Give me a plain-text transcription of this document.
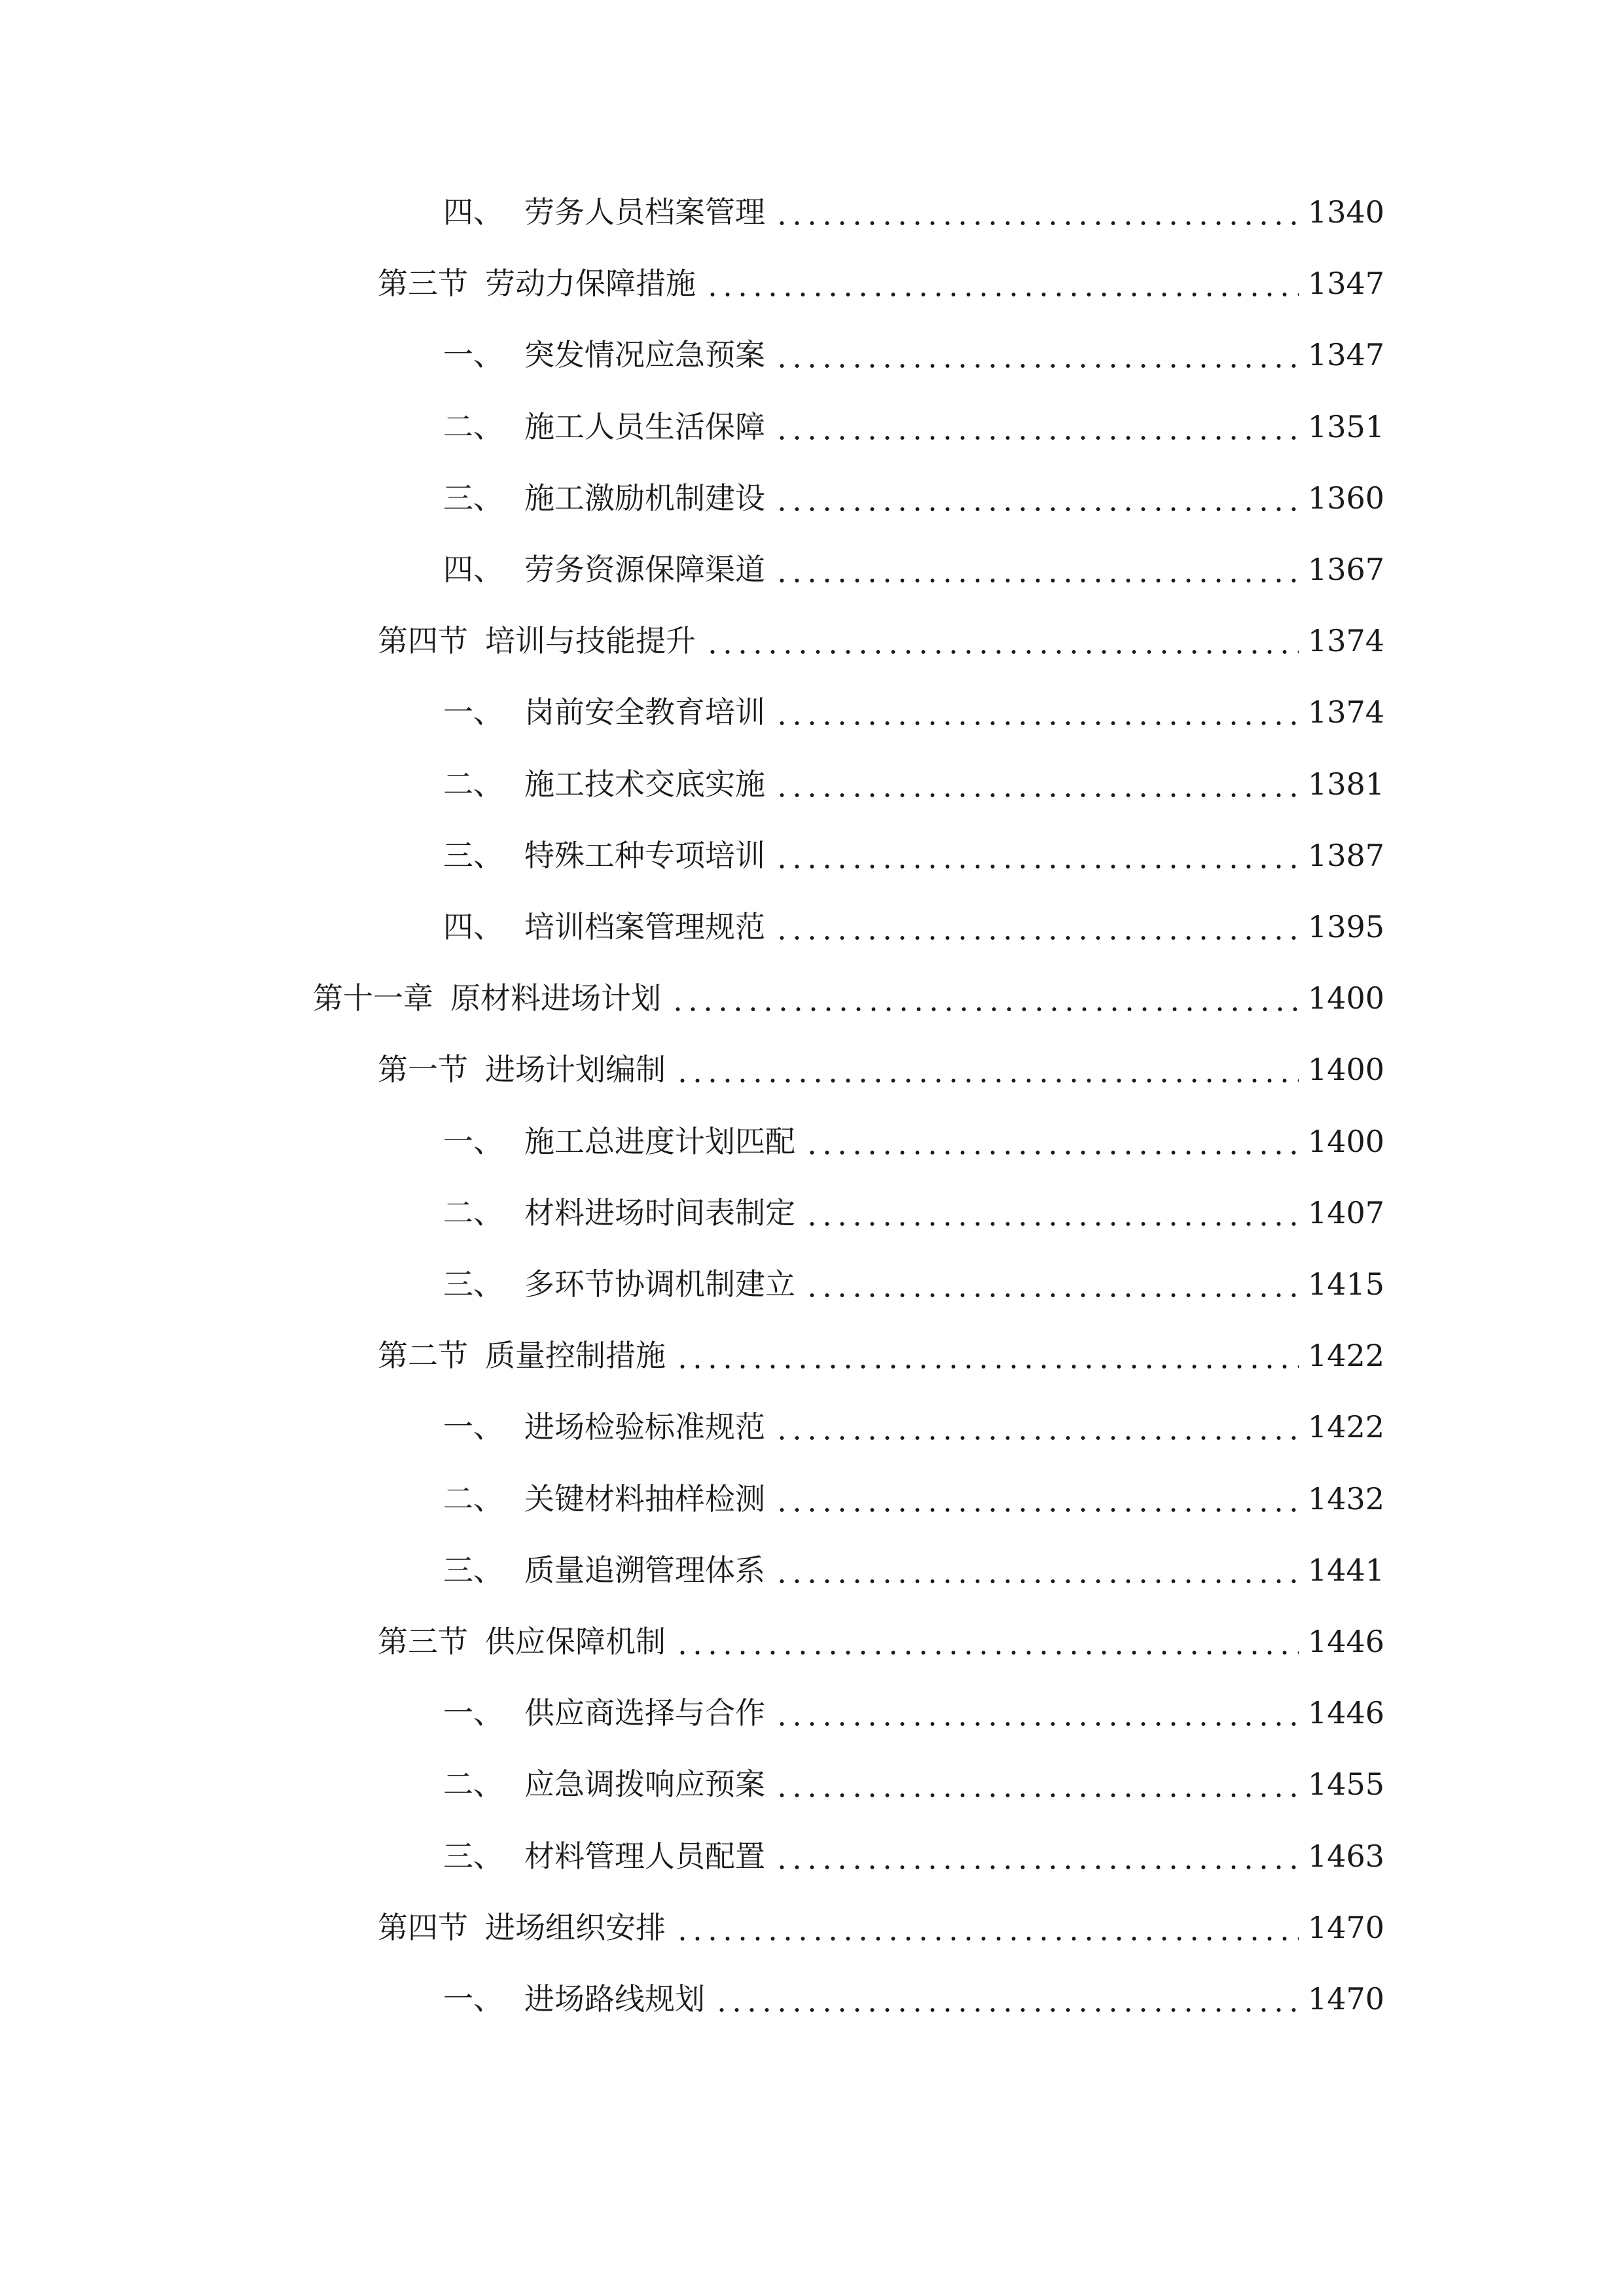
四、 劳务人员档案管理	1340
第三节 劳动力保障措施	1347
一、 突发情况应急预案	1347
二、 施工人员生活保障	1351
三、 施工激励机制建设	1360
四、 劳务资源保障渠道	1367
第四节 培训与技能提升	1374
一、 岗前安全教育培训	1374
二、 施工技术交底实施	1381
三、 特殊工种专项培训	1387
四、 培训档案管理规范	1395
第十一章 原材料进场计划	1400
第一节 进场计划编制	1400
一、 施工总进度计划匹配	1400
二、 材料进场时间表制定	1407
三、 多环节协调机制建立	1415
第二节 质量控制措施	1422
一、 进场检验标准规范	1422
二、 关键材料抽样检测	1432
三、 质量追溯管理体系	1441
第三节 供应保障机制	1446
一、 供应商选择与合作	1446
二、 应急调拨响应预案	1455
三、 材料管理人员配置	1463
第四节 进场组织安排	1470
一、 进场路线规划	1470
